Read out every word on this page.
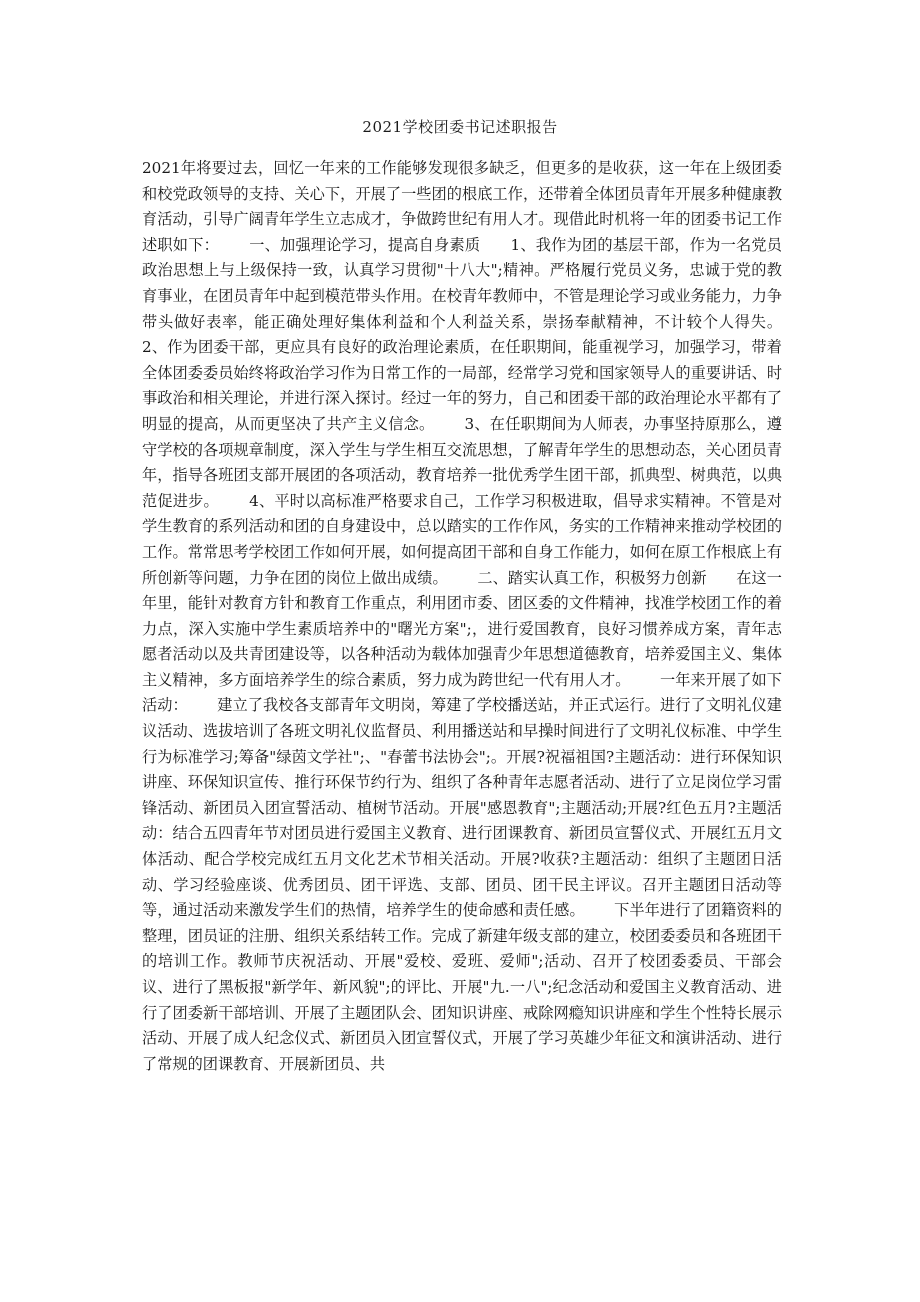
2021学校团委书记述职报告
2021年将要过去，回忆一年来的工作能够发现很多缺乏，但更多的是收获，这一年在上级团委和校党政领导的支持、关心下，开展了一些团的根底工作，还带着全体团员青年开展多种健康教育活动，引导广阔青年学生立志成才，争做跨世纪有用人才。现借此时机将一年的团委书记工作述职如下：      一、加强理论学习，提高自身素质      1、我作为团的基层干部，作为一名党员政治思想上与上级保持一致，认真学习贯彻"十八大";精神。严格履行党员义务，忠诚于党的教育事业，在团员青年中起到模范带头作用。在校青年教师中，不管是理论学习或业务能力，力争带头做好表率，能正确处理好集体利益和个人利益关系，崇扬奉献精神，不计较个人得失。      2、作为团委干部，更应具有良好的政治理论素质，在任职期间，能重视学习，加强学习，带着全体团委委员始终将政治学习作为日常工作的一局部，经常学习党和国家领导人的重要讲话、时事政治和相关理论，并进行深入探讨。经过一年的努力，自己和团委干部的政治理论水平都有了明显的提高，从而更坚决了共产主义信念。      3、在任职期间为人师表，办事坚持原那么，遵守学校的各项规章制度，深入学生与学生相互交流思想，了解青年学生的思想动态，关心团员青年，指导各班团支部开展团的各项活动，教育培养一批优秀学生团干部，抓典型、树典范，以典范促进步。      4、平时以高标准严格要求自己，工作学习积极进取，倡导求实精神。不管是对学生教育的系列活动和团的自身建设中，总以踏实的工作作风，务实的工作精神来推动学校团的工作。常常思考学校团工作如何开展，如何提高团干部和自身工作能力，如何在原工作根底上有所创新等问题，力争在团的岗位上做出成绩。      二、踏实认真工作，积极努力创新      在这一年里，能针对教育方针和教育工作重点，利用团市委、团区委的文件精神，找准学校团工作的着力点，深入实施中学生素质培养中的"曙光方案";，进行爱国教育，良好习惯养成方案，青年志愿者活动以及共青团建设等，以各种活动为载体加强青少年思想道德教育，培养爱国主义、集体主义精神，多方面培养学生的综合素质，努力成为跨世纪一代有用人才。      一年来开展了如下活动：      建立了我校各支部青年文明岗，筹建了学校播送站，并正式运行。进行了文明礼仪建议活动、选拔培训了各班文明礼仪监督员、利用播送站和早操时间进行了文明礼仪标准、中学生行为标准学习;筹备"绿茵文学社";、"春蕾书法协会";。开展?祝福祖国?主题活动：进行环保知识讲座、环保知识宣传、推行环保节约行为、组织了各种青年志愿者活动、进行了立足岗位学习雷锋活动、新团员入团宣誓活动、植树节活动。开展"感恩教育";主题活动;开展?红色五月?主题活动：结合五四青年节对团员进行爱国主义教育、进行团课教育、新团员宣誓仪式、开展红五月文体活动、配合学校完成红五月文化艺术节相关活动。开展?收获?主题活动：组织了主题团日活动、学习经验座谈、优秀团员、团干评选、支部、团员、团干民主评议。召开主题团日活动等等，通过活动来激发学生们的热情，培养学生的使命感和责任感。      下半年进行了团籍资料的整理，团员证的注册、组织关系结转工作。完成了新建年级支部的建立，校团委委员和各班团干的培训工作。教师节庆祝活动、开展"爱校、爱班、爱师";活动、召开了校团委委员、干部会议、进行了黑板报"新学年、新风貌";的评比、开展"九.一八";纪念活动和爱国主义教育活动、进行了团委新干部培训、开展了主题团队会、团知识讲座、戒除网瘾知识讲座和学生个性特长展示活动、开展了成人纪念仪式、新团员入团宣誓仪式，开展了学习英雄少年征文和演讲活动、进行了常规的团课教育、开展新团员、共
